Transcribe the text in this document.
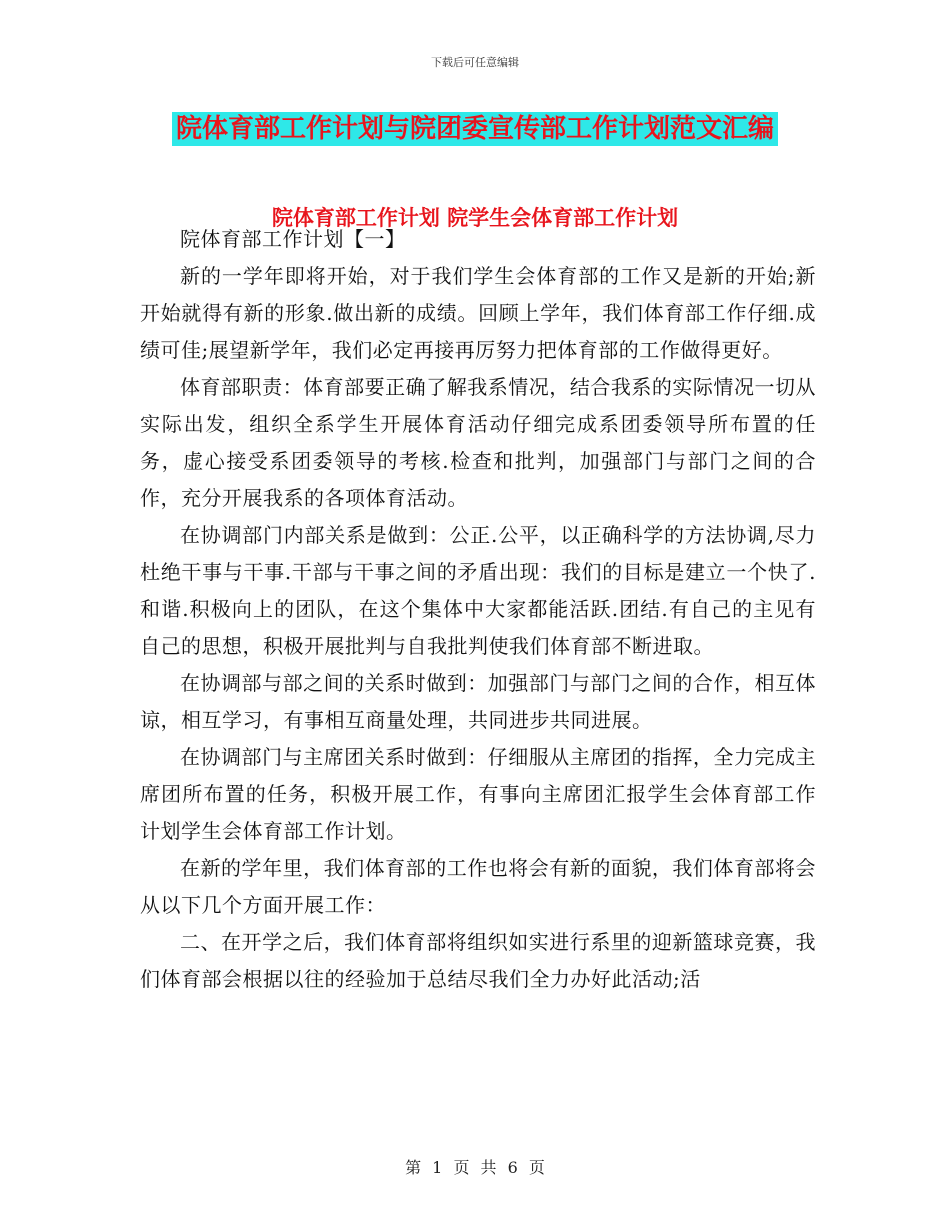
下载后可任意编辑
院体育部工作计划与院团委宣传部工作计划范文汇编
院体育部工作计划 院学生会体育部工作计划

院体育部工作计划【一】

新的一学年即将开始，对于我们学生会体育部的工作又是新的开始;新开始就得有新的形象.做出新的成绩。回顾上学年，我们体育部工作仔细.成绩可佳;展望新学年，我们必定再接再厉努力把体育部的工作做得更好。

体育部职责：体育部要正确了解我系情况，结合我系的实际情况一切从实际出发，组织全系学生开展体育活动仔细完成系团委领导所布置的任务，虚心接受系团委领导的考核.检查和批判，加强部门与部门之间的合作，充分开展我系的各项体育活动。

在协调部门内部关系是做到：公正.公平，以正确科学的方法协调,尽力杜绝干事与干事.干部与干事之间的矛盾出现：我们的目标是建立一个快了.和谐.积极向上的团队，在这个集体中大家都能活跃.团结.有自己的主见有自己的思想，积极开展批判与自我批判使我们体育部不断进取。

在协调部与部之间的关系时做到：加强部门与部门之间的合作，相互体谅，相互学习，有事相互商量处理，共同进步共同进展。

在协调部门与主席团关系时做到：仔细服从主席团的指挥，全力完成主席团所布置的任务，积极开展工作，有事向主席团汇报学生会体育部工作计划学生会体育部工作计划。

在新的学年里，我们体育部的工作也将会有新的面貌，我们体育部将会从以下几个方面开展工作：

二、在开学之后，我们体育部将组织如实进行系里的迎新篮球竞赛，我们体育部会根据以往的经验加于总结尽我们全力办好此活动;活

第 1 页 共 6 页
